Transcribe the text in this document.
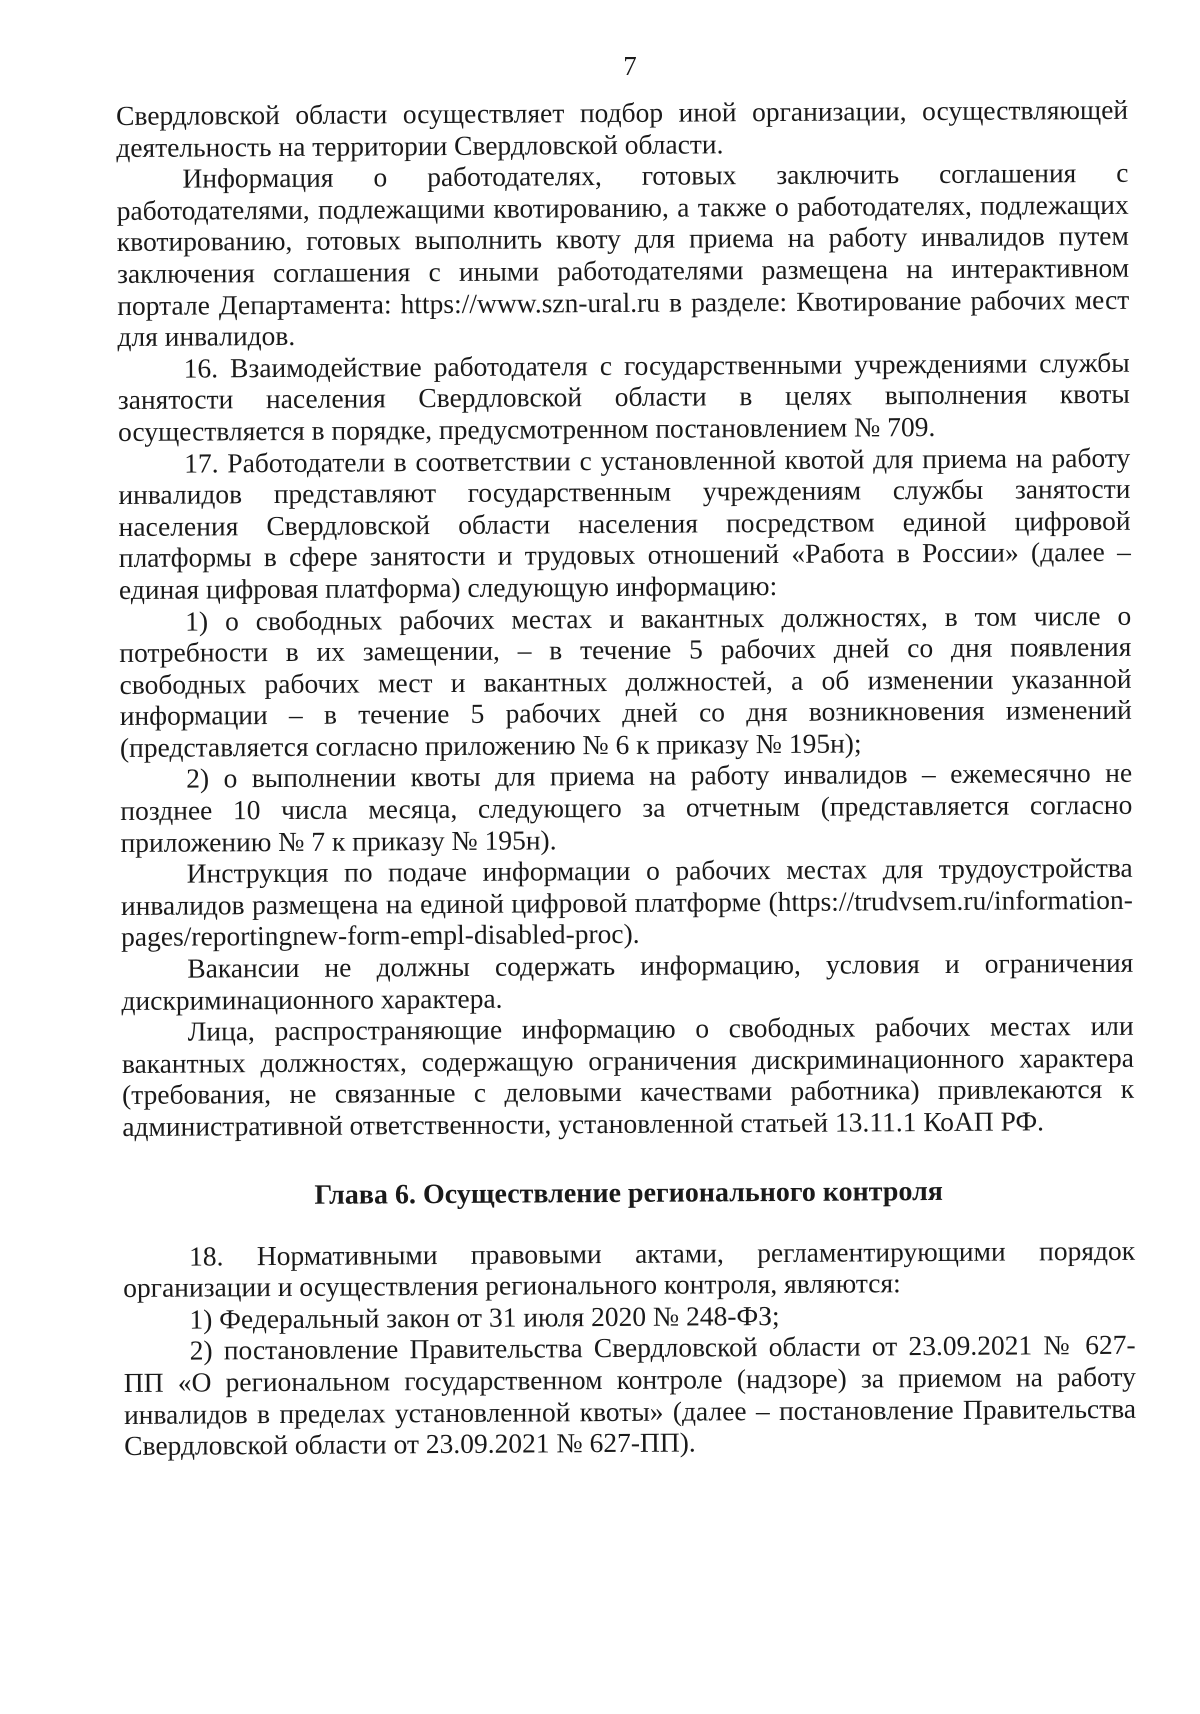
7

Свердловской области осуществляет подбор иной организации, осуществляющей деятельность на территории Свердловской области.

Информация о работодателях, готовых заключить соглашения с работодателями, подлежащими квотированию, а также о работодателях, подлежащих квотированию, готовых выполнить квоту для приема на работу инвалидов путем заключения соглашения с иными работодателями размещена на интерактивном портале Департамента: https://www.szn-ural.ru в разделе: Квотирование рабочих мест для инвалидов.

16. Взаимодействие работодателя с государственными учреждениями службы занятости населения Свердловской области в целях выполнения квоты осуществляется в порядке, предусмотренном постановлением № 709.

17. Работодатели в соответствии с установленной квотой для приема на работу инвалидов представляют государственным учреждениям службы занятости населения Свердловской области населения посредством единой цифровой платформы в сфере занятости и трудовых отношений «Работа в России» (далее – единая цифровая платформа) следующую информацию:

1) о свободных рабочих местах и вакантных должностях, в том числе о потребности в их замещении, – в течение 5 рабочих дней со дня появления свободных рабочих мест и вакантных должностей, а об изменении указанной информации – в течение 5 рабочих дней со дня возникновения изменений (представляется согласно приложению № 6 к приказу № 195н);

2) о выполнении квоты для приема на работу инвалидов – ежемесячно не позднее 10 числа месяца, следующего за отчетным (представляется согласно приложению № 7 к приказу № 195н).

Инструкция по подаче информации о рабочих местах для трудоустройства инвалидов размещена на единой цифровой платформе (https://trudvsem.ru/information-pages/reportingnew-form-empl-disabled-proc).

Вакансии не должны содержать информацию, условия и ограничения дискриминационного характера.

Лица, распространяющие информацию о свободных рабочих местах или вакантных должностях, содержащую ограничения дискриминационного характера (требования, не связанные с деловыми качествами работника) привлекаются к административной ответственности, установленной статьей 13.11.1 КоАП РФ.

Глава 6. Осуществление регионального контроля

18. Нормативными правовыми актами, регламентирующими порядок организации и осуществления регионального контроля, являются:

1) Федеральный закон от 31 июля 2020 № 248-ФЗ;

2) постановление Правительства Свердловской области от 23.09.2021 № 627-ПП «О региональном государственном контроле (надзоре) за приемом на работу инвалидов в пределах установленной квоты» (далее – постановление Правительства Свердловской области от 23.09.2021 № 627-ПП).
